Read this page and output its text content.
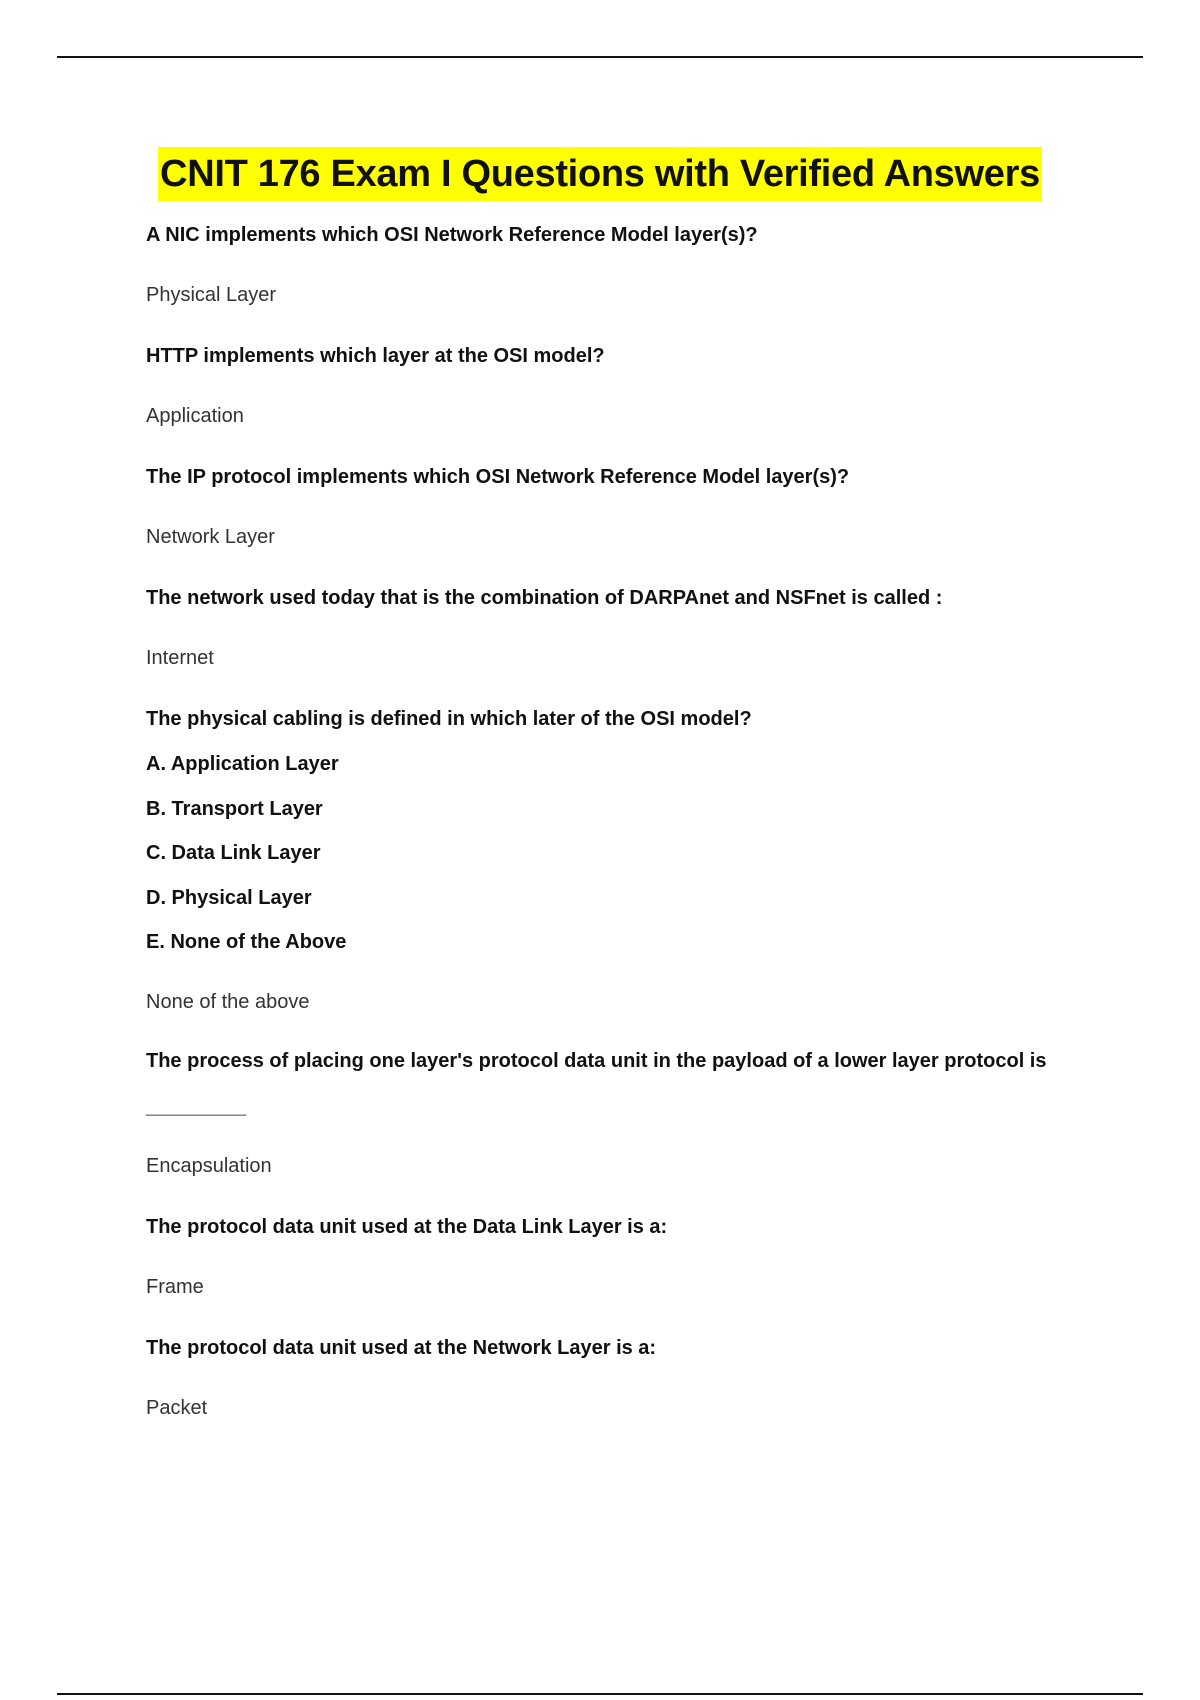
CNIT 176 Exam I Questions with Verified Answers

A NIC implements which OSI Network Reference Model layer(s)?

Physical Layer

HTTP implements which layer at the OSI model?

Application

The IP protocol implements which OSI Network Reference Model layer(s)?

Network Layer

The network used today that is the combination of DARPAnet and NSFnet is called :

Internet

The physical cabling is defined in which later of the OSI model?

A. Application Layer

B. Transport Layer

C. Data Link Layer

D. Physical Layer

E. None of the Above

None of the above

The process of placing one layer's protocol data unit in the payload of a lower layer protocol is _________

Encapsulation

The protocol data unit used at the Data Link Layer is a:

Frame

The protocol data unit used at the Network Layer is a:

Packet
